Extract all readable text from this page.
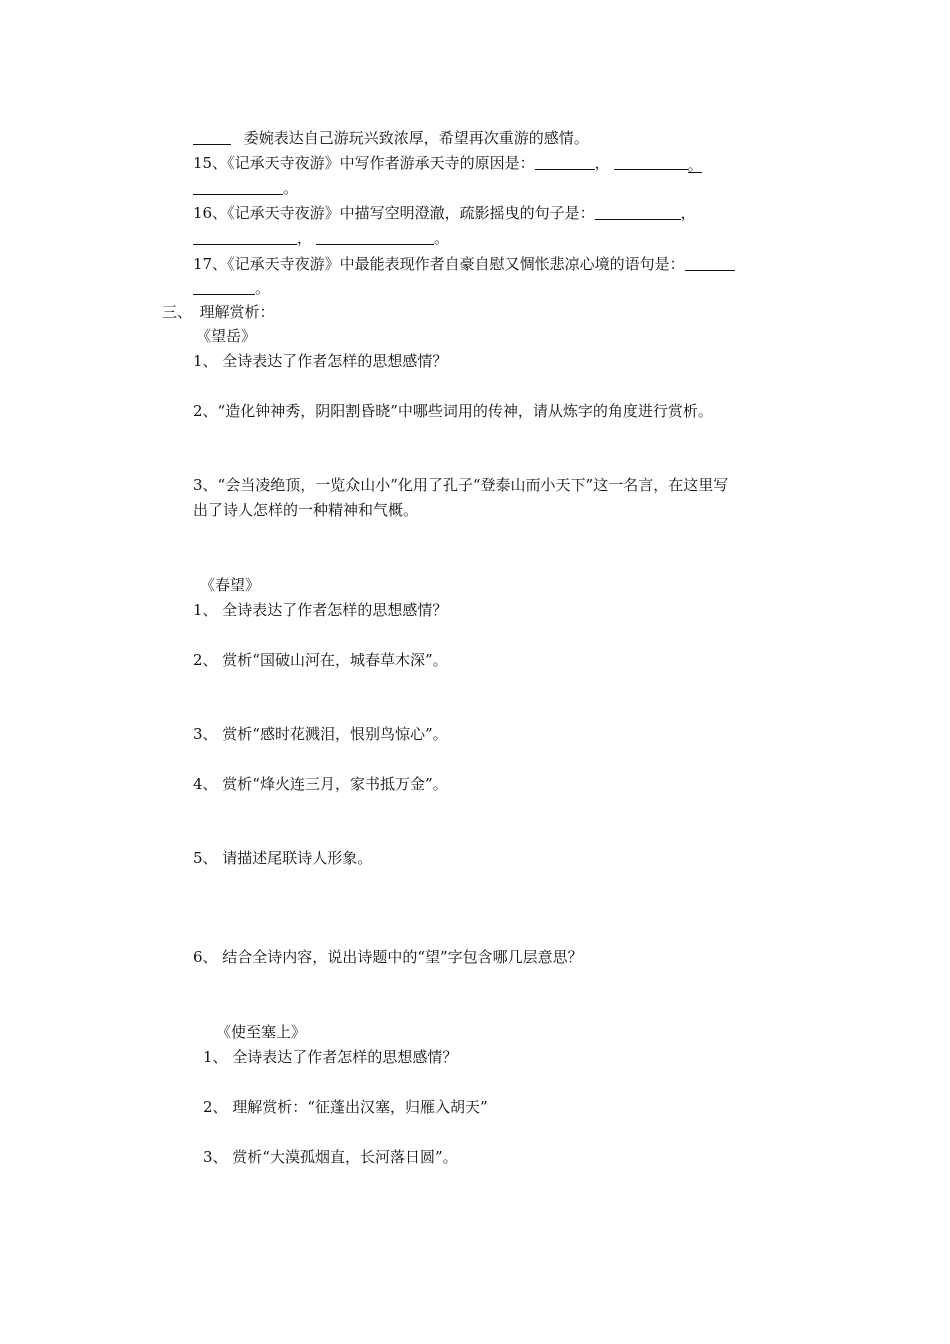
委婉表达自己游玩兴致浓厚，希望再次重游的感情。
15、《记承天寺夜游》中写作者游承天寺的原因是：	，	。
。
16、《记承天寺夜游》中描写空明澄澈，疏影摇曳的句子是：	，
，	。
17、《记承天寺夜游》中最能表现作者自豪自慰又惆怅悲凉心境的语句是：
。
三、　理解赏析：
《望岳》
1、 全诗表达了作者怎样的思想感情？
2、“造化钟神秀，阴阳割昏晓”中哪些词用的传神，请从炼字的角度进行赏析。
3、“会当凌绝顶，一览众山小”化用了孔子“登泰山而小天下”这一名言，在这里写
出了诗人怎样的一种精神和气概。
《春望》
1、 全诗表达了作者怎样的思想感情？
2、 赏析“国破山河在，城春草木深”。
3、 赏析“感时花溅泪，恨别鸟惊心”。
4、 赏析“烽火连三月，家书抵万金”。
5、 请描述尾联诗人形象。
6、 结合全诗内容，说出诗题中的“望”字包含哪几层意思？
《使至塞上》
1、 全诗表达了作者怎样的思想感情？
2、 理解赏析：“征蓬出汉塞，归雁入胡天”
3、 赏析“大漠孤烟直，长河落日圆”。
